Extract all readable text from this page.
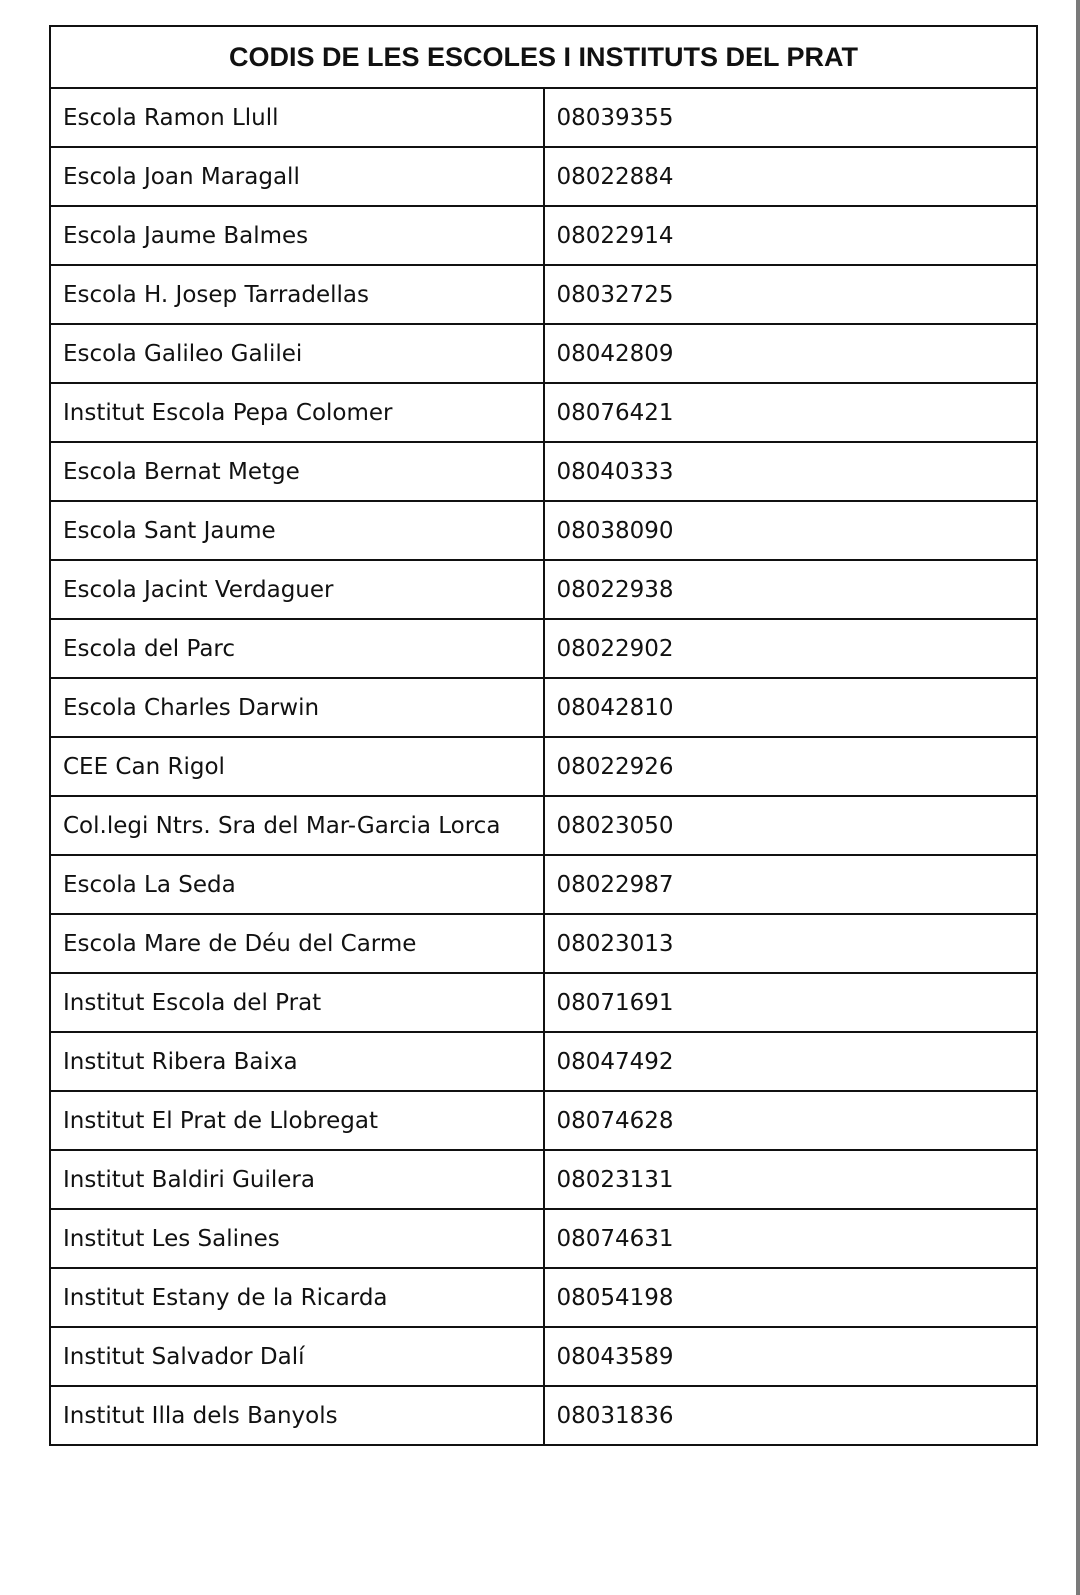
CODIS DE LES ESCOLES I INSTITUTS DEL PRAT	
Escola Ramon Llull	08039355
Escola Joan Maragall	08022884
Escola Jaume Balmes	08022914
Escola H. Josep Tarradellas	08032725
Escola Galileo Galilei	08042809
Institut Escola Pepa Colomer	08076421
Escola Bernat Metge	08040333
Escola Sant Jaume	08038090
Escola Jacint Verdaguer	08022938
Escola del Parc	08022902
Escola Charles Darwin	08042810
CEE Can Rigol	08022926
Col.legi Ntrs. Sra del Mar-Garcia Lorca	08023050
Escola La Seda	08022987
Escola Mare de Déu del Carme	08023013
Institut Escola del Prat	08071691
Institut Ribera Baixa	08047492
Institut El Prat de Llobregat	08074628
Institut Baldiri Guilera	08023131
Institut Les Salines	08074631
Institut Estany de la Ricarda	08054198
Institut Salvador Dalí	08043589
Institut Illa dels Banyols	08031836
